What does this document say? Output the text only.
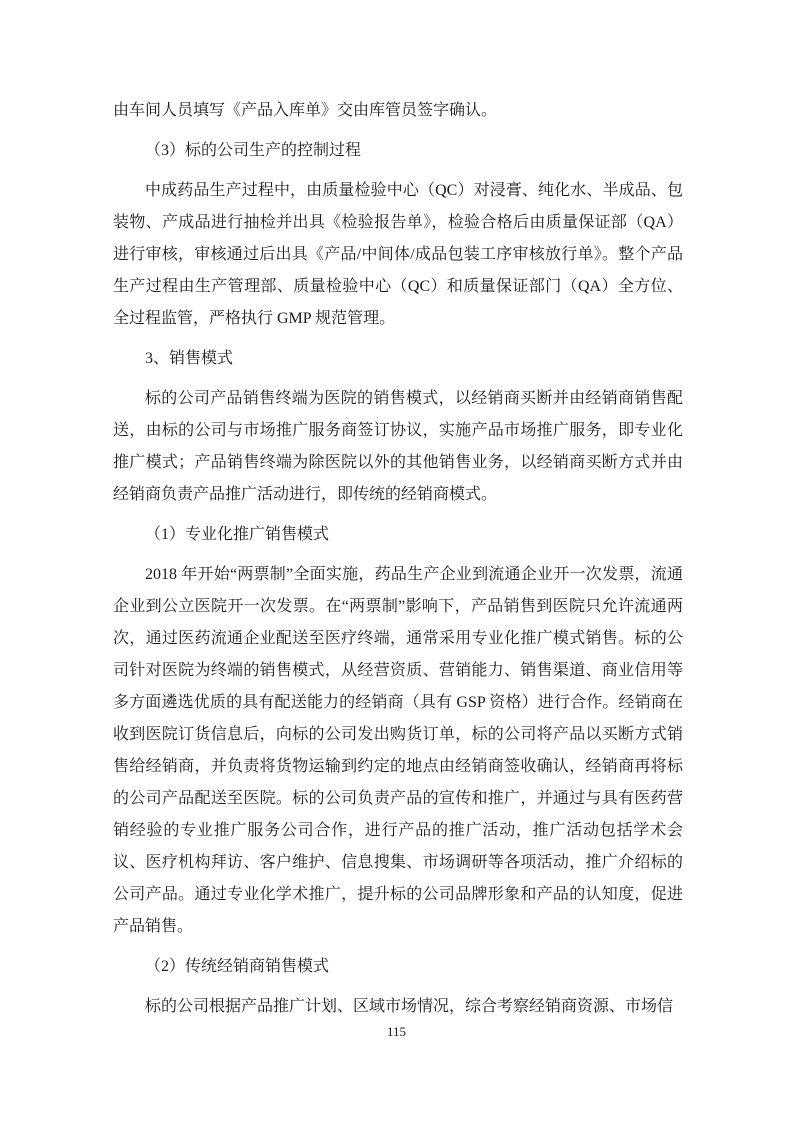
由车间人员填写《产品入库单》交由库管员签字确认。

（3）标的公司生产的控制过程

中成药品生产过程中，由质量检验中心（QC）对浸膏、纯化水、半成品、包装物、产成品进行抽检并出具《检验报告单》，检验合格后由质量保证部（QA）进行审核，审核通过后出具《产品/中间体/成品包装工序审核放行单》。整个产品生产过程由生产管理部、质量检验中心（QC）和质量保证部门（QA）全方位、全过程监管，严格执行 GMP 规范管理。

3、销售模式

标的公司产品销售终端为医院的销售模式，以经销商买断并由经销商销售配送，由标的公司与市场推广服务商签订协议，实施产品市场推广服务，即专业化推广模式；产品销售终端为除医院以外的其他销售业务，以经销商买断方式并由经销商负责产品推广活动进行，即传统的经销商模式。

（1）专业化推广销售模式

2018 年开始“两票制”全面实施，药品生产企业到流通企业开一次发票，流通企业到公立医院开一次发票。在“两票制”影响下，产品销售到医院只允许流通两次，通过医药流通企业配送至医疗终端，通常采用专业化推广模式销售。标的公司针对医院为终端的销售模式，从经营资质、营销能力、销售渠道、商业信用等多方面遴选优质的具有配送能力的经销商（具有 GSP 资格）进行合作。经销商在收到医院订货信息后，向标的公司发出购货订单，标的公司将产品以买断方式销售给经销商，并负责将货物运输到约定的地点由经销商签收确认，经销商再将标的公司产品配送至医院。标的公司负责产品的宣传和推广，并通过与具有医药营销经验的专业推广服务公司合作，进行产品的推广活动，推广活动包括学术会议、医疗机构拜访、客户维护、信息搜集、市场调研等各项活动，推广介绍标的公司产品。通过专业化学术推广，提升标的公司品牌形象和产品的认知度，促进产品销售。

（2）传统经销商销售模式

标的公司根据产品推广计划、区域市场情况，综合考察经销商资源、市场信

115
